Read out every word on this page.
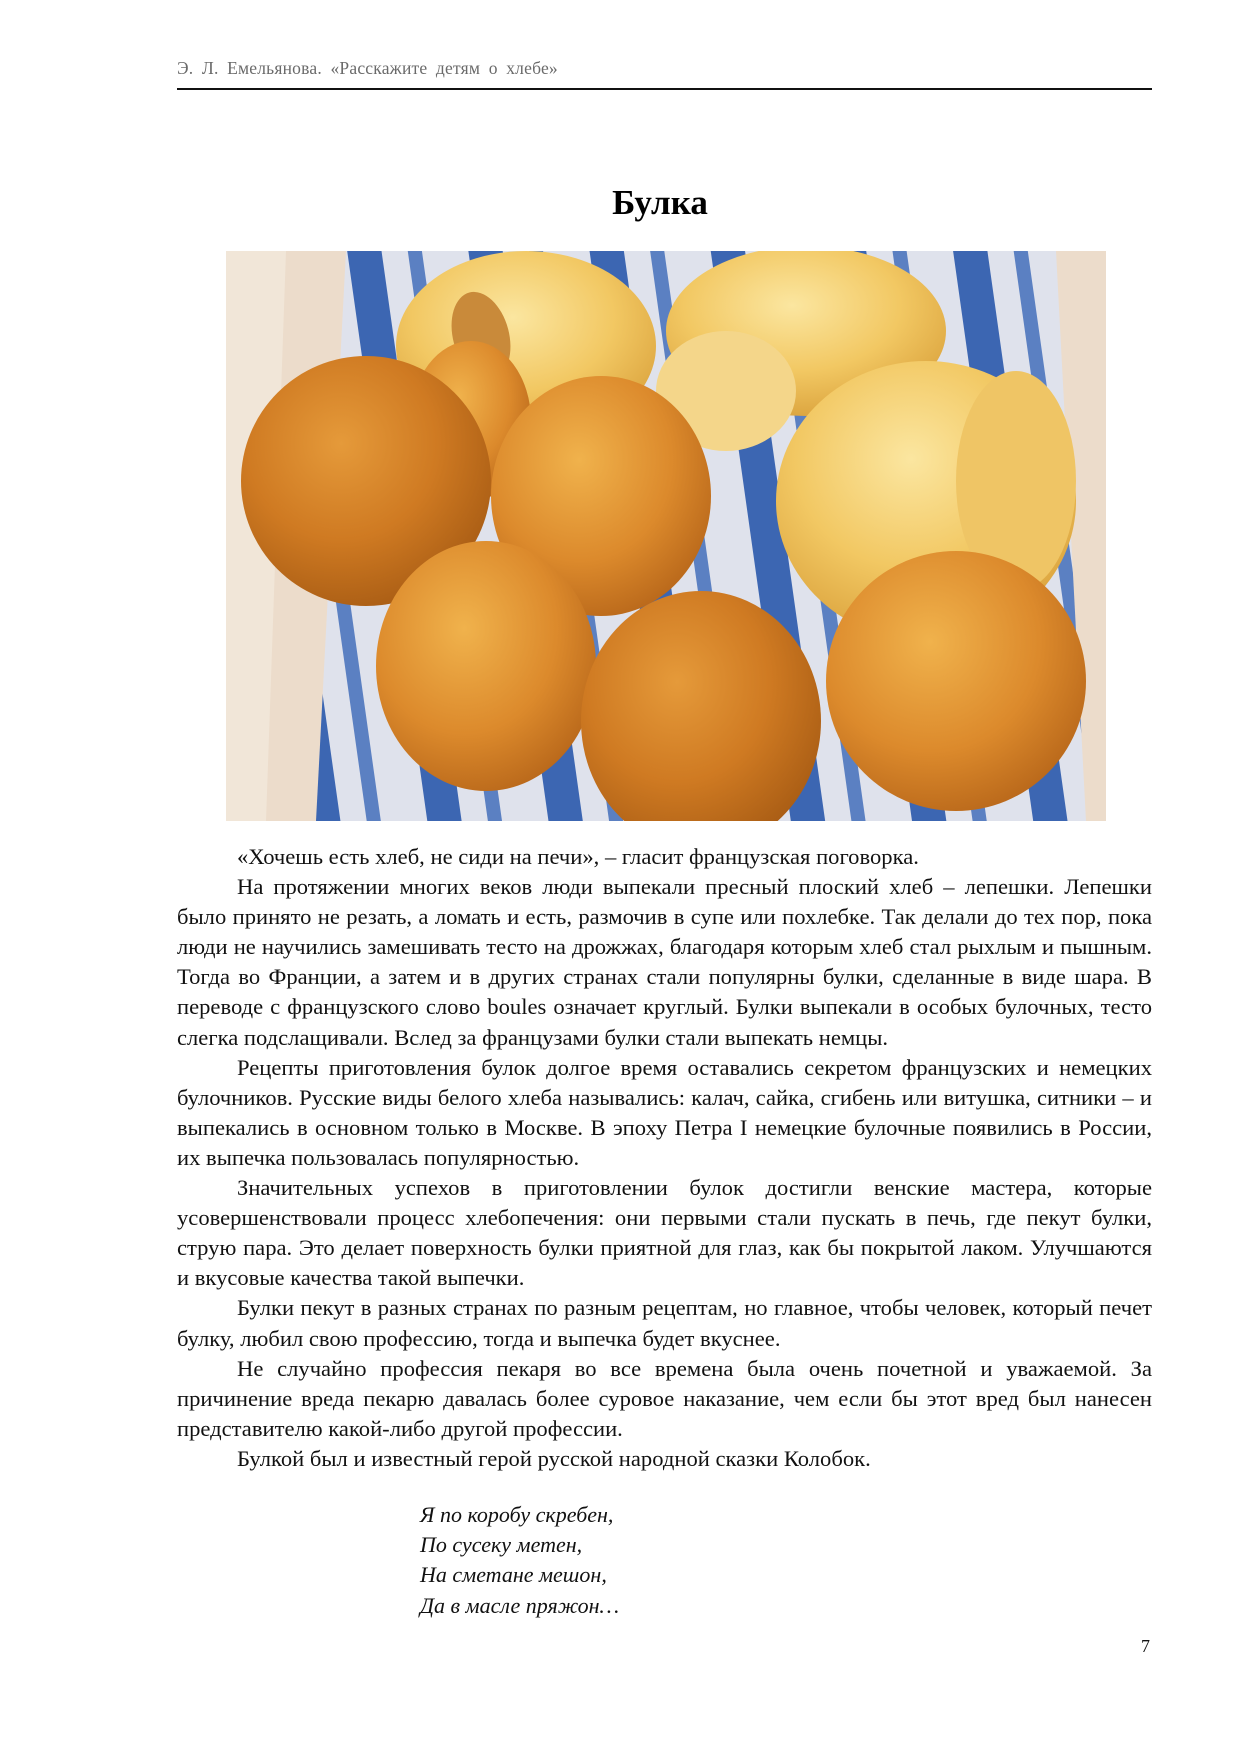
Э. Л. Емельянова. «Расскажите детям о хлебе»
Булка

«Хочешь есть хлеб, не сиди на печи», – гласит французская поговорка.

На протяжении многих веков люди выпекали пресный плоский хлеб – лепешки. Лепешки было принято не резать, а ломать и есть, размочив в супе или похлебке. Так делали до тех пор, пока люди не научились замешивать тесто на дрожжах, благодаря которым хлеб стал рыхлым и пышным. Тогда во Франции, а затем и в других странах стали популярны булки, сделанные в виде шара. В переводе с французского слово boules означает круглый. Булки выпекали в особых булочных, тесто слегка подслащивали. Вслед за французами булки стали выпекать немцы.

Рецепты приготовления булок долгое время оставались секретом французских и немецких булочников. Русские виды белого хлеба назывались: калач, сайка, сгибень или витушка, ситники – и выпекались в основном только в Москве. В эпоху Петра I немецкие булочные появились в России, их выпечка пользовалась популярностью.

Значительных успехов в приготовлении булок достигли венские мастера, которые усовершенствовали процесс хлебопечения: они первыми стали пускать в печь, где пекут булки, струю пара. Это делает поверхность булки приятной для глаз, как бы покрытой лаком. Улучшаются и вкусовые качества такой выпечки.

Булки пекут в разных странах по разным рецептам, но главное, чтобы человек, который печет булку, любил свою профессию, тогда и выпечка будет вкуснее.

Не случайно профессия пекаря во все времена была очень почетной и уважаемой. За причинение вреда пекарю давалась более суровое наказание, чем если бы этот вред был нанесен представителю какой-либо другой профессии.

Булкой был и известный герой русской народной сказки Колобок.

Я по коробу скребен,
По сусеку метен,
На сметане мешон,
Да в масле пряжон…
7
